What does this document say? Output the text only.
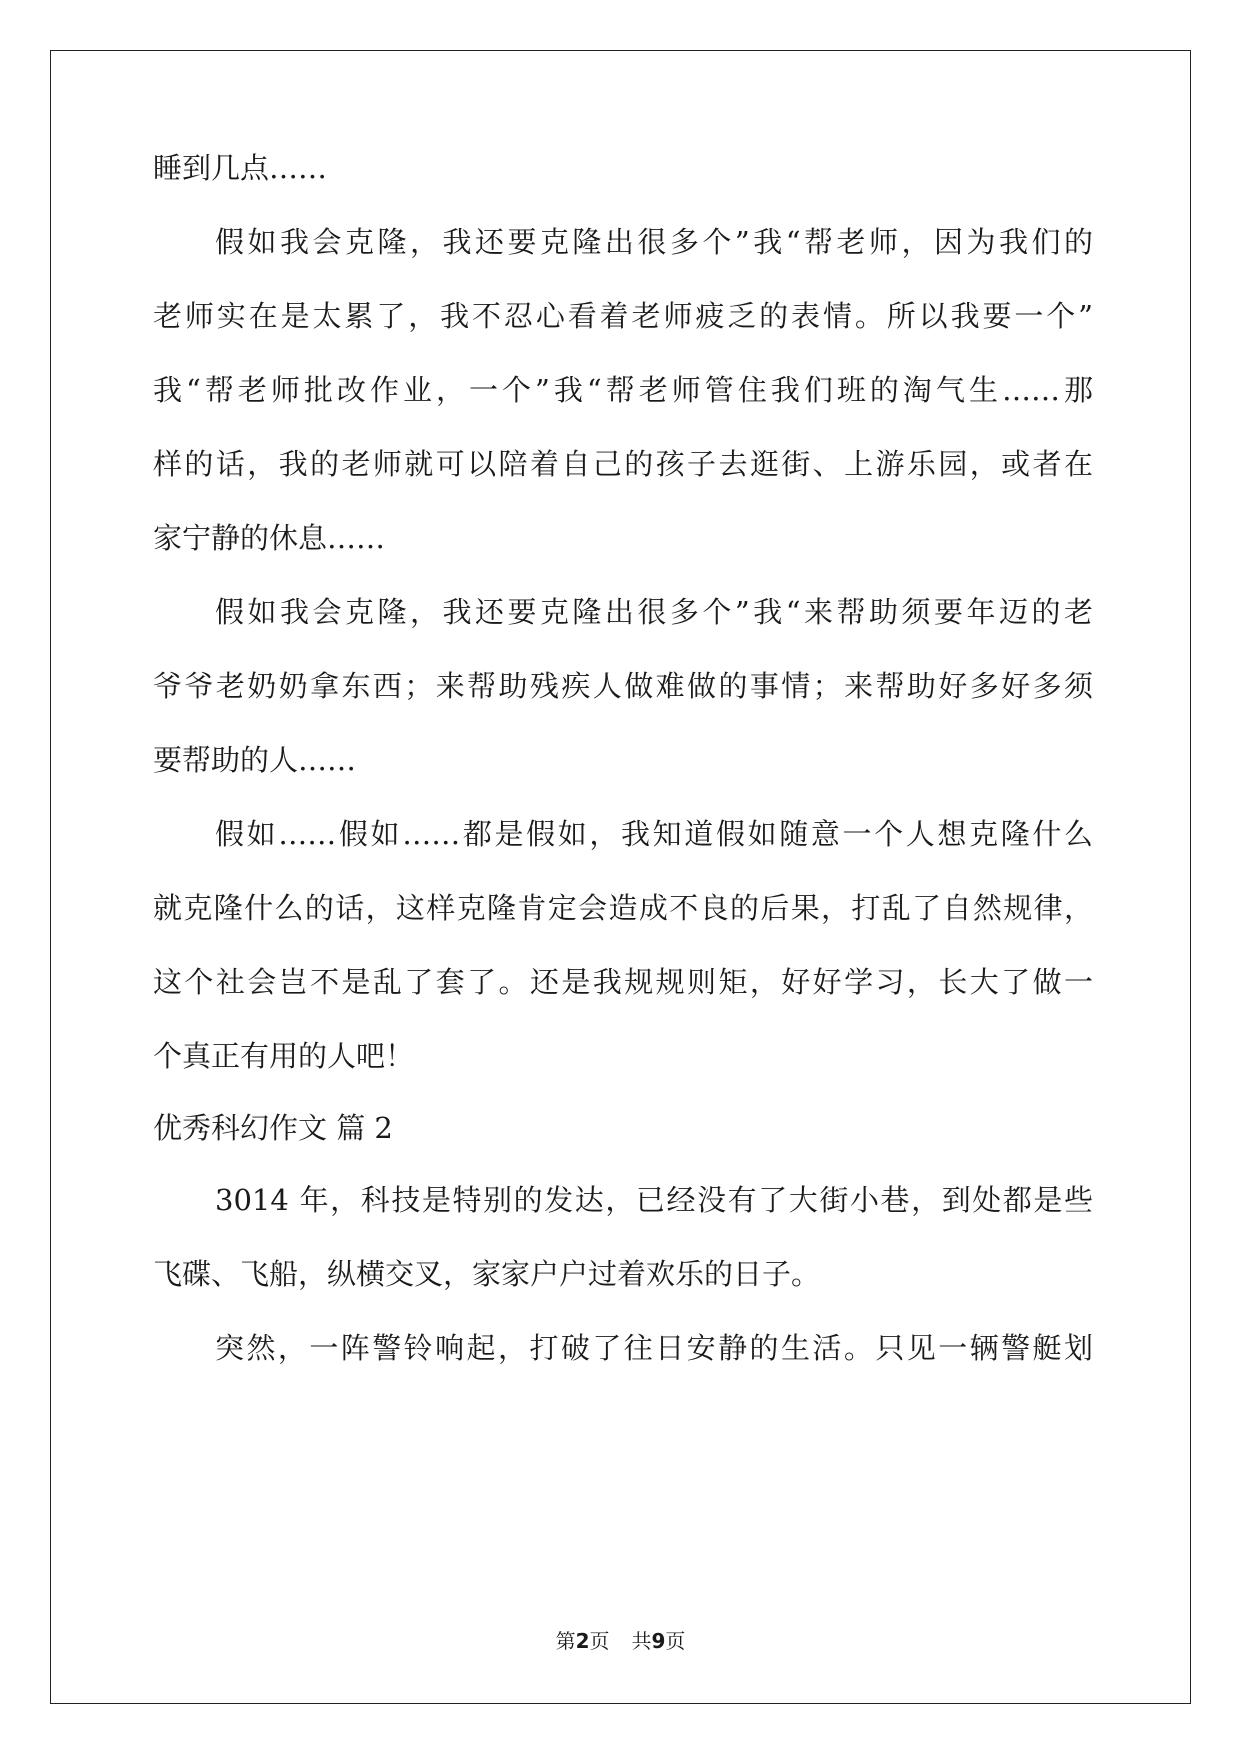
睡到几点……
假如我会克隆，我还要克隆出很多个”我“帮老师，因为我们的
老师实在是太累了，我不忍心看着老师疲乏的表情。所以我要一个”
我“帮老师批改作业，一个”我“帮老师管住我们班的淘气生……那
样的话，我的老师就可以陪着自己的孩子去逛街、上游乐园，或者在
家宁静的休息……
假如我会克隆，我还要克隆出很多个”我“来帮助须要年迈的老
爷爷老奶奶拿东西；来帮助残疾人做难做的事情；来帮助好多好多须
要帮助的人……
假如……假如……都是假如，我知道假如随意一个人想克隆什么
就克隆什么的话，这样克隆肯定会造成不良的后果，打乱了自然规律，
这个社会岂不是乱了套了。还是我规规则矩，好好学习，长大了做一
个真正有用的人吧！
优秀科幻作文 篇 2
3014 年，科技是特别的发达，已经没有了大街小巷，到处都是些
飞碟、飞船，纵横交叉，家家户户过着欢乐的日子。
突然，一阵警铃响起，打破了往日安静的生活。只见一辆警艇划
第2页 共9页
